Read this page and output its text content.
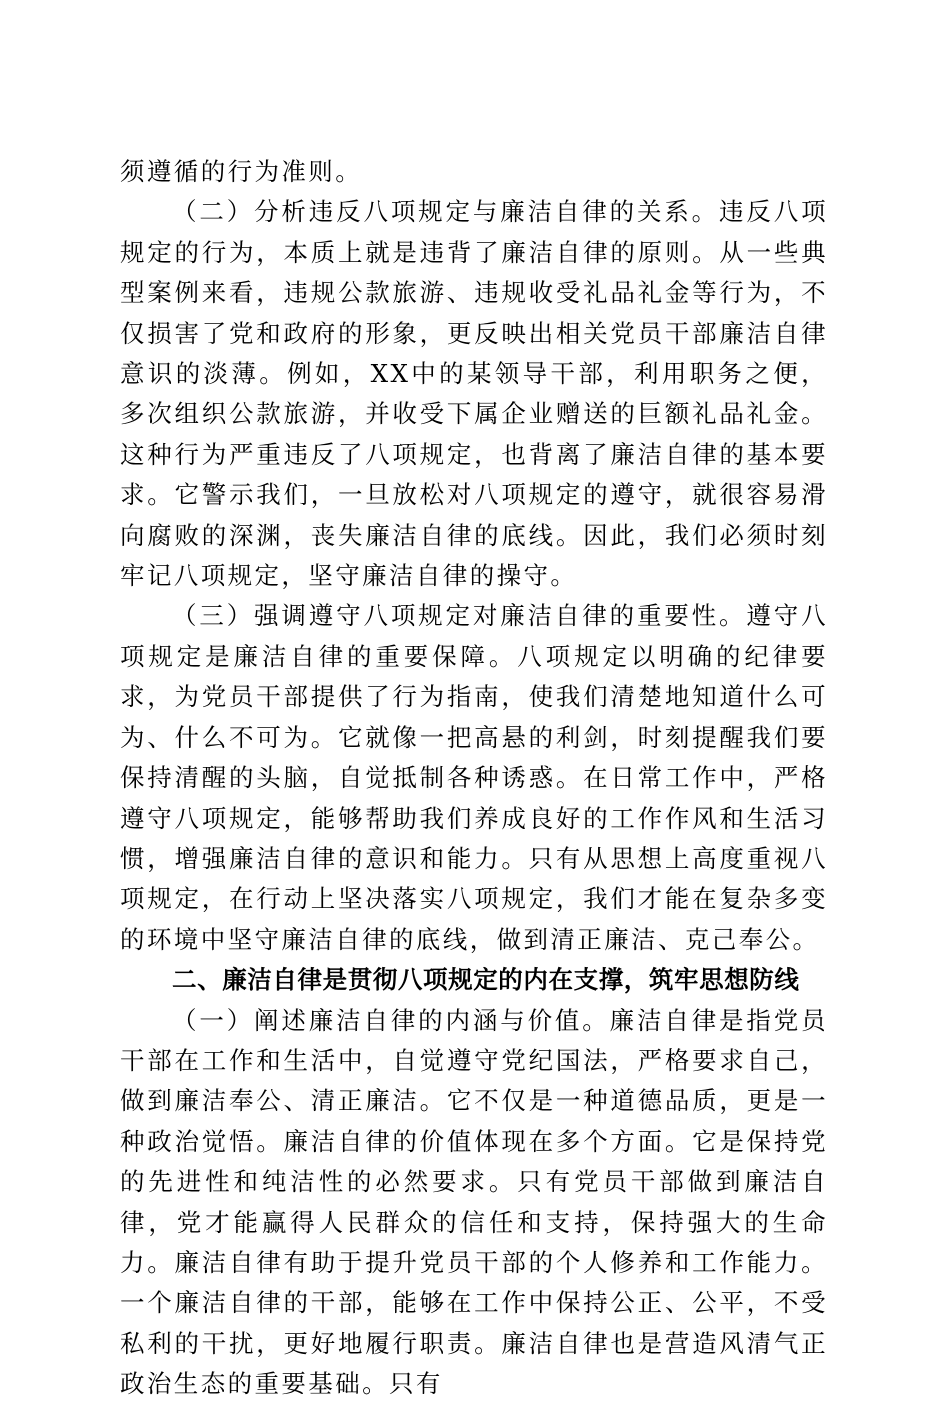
须遵循的行为准则。

（二）分析违反八项规定与廉洁自律的关系。违反八项规定的行为，本质上就是违背了廉洁自律的原则。从一些典型案例来看，违规公款旅游、违规收受礼品礼金等行为，不仅损害了党和政府的形象，更反映出相关党员干部廉洁自律意识的淡薄。例如，XX中的某领导干部，利用职务之便，多次组织公款旅游，并收受下属企业赠送的巨额礼品礼金。这种行为严重违反了八项规定，也背离了廉洁自律的基本要求。它警示我们，一旦放松对八项规定的遵守，就很容易滑向腐败的深渊，丧失廉洁自律的底线。因此，我们必须时刻牢记八项规定，坚守廉洁自律的操守。

（三）强调遵守八项规定对廉洁自律的重要性。遵守八项规定是廉洁自律的重要保障。八项规定以明确的纪律要求，为党员干部提供了行为指南，使我们清楚地知道什么可为、什么不可为。它就像一把高悬的利剑，时刻提醒我们要保持清醒的头脑，自觉抵制各种诱惑。在日常工作中，严格遵守八项规定，能够帮助我们养成良好的工作作风和生活习惯，增强廉洁自律的意识和能力。只有从思想上高度重视八项规定，在行动上坚决落实八项规定，我们才能在复杂多变的环境中坚守廉洁自律的底线，做到清正廉洁、克己奉公。

二、廉洁自律是贯彻八项规定的内在支撑，筑牢思想防线

（一）阐述廉洁自律的内涵与价值。廉洁自律是指党员干部在工作和生活中，自觉遵守党纪国法，严格要求自己，做到廉洁奉公、清正廉洁。它不仅是一种道德品质，更是一种政治觉悟。廉洁自律的价值体现在多个方面。它是保持党的先进性和纯洁性的必然要求。只有党员干部做到廉洁自律，党才能赢得人民群众的信任和支持，保持强大的生命力。廉洁自律有助于提升党员干部的个人修养和工作能力。一个廉洁自律的干部，能够在工作中保持公正、公平，不受私利的干扰，更好地履行职责。廉洁自律也是营造风清气正政治生态的重要基础。只有
